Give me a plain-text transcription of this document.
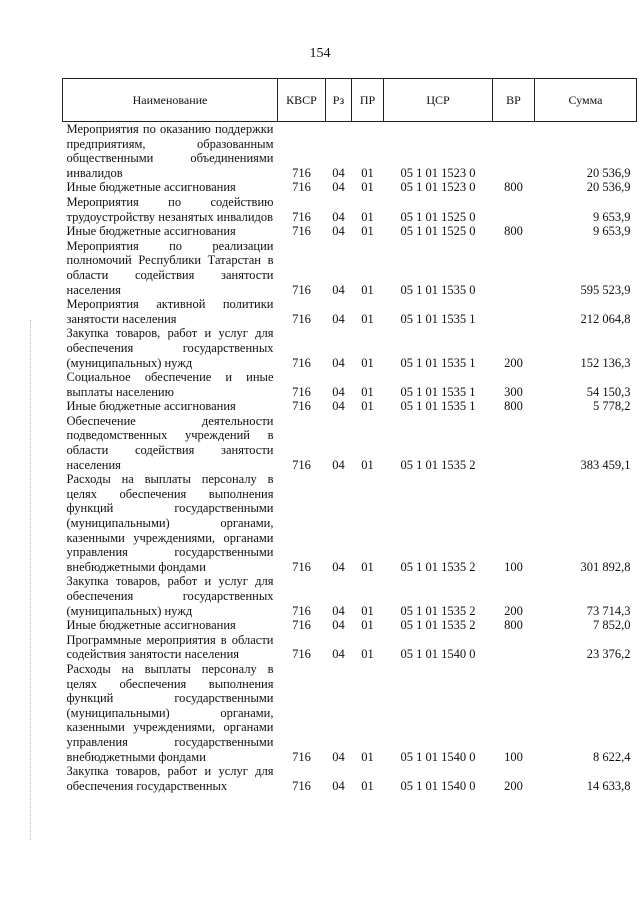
154
Наименование	КВСР	Рз	ПР	ЦСР	ВР	Сумма
Мероприятия по оказанию поддержки предприятиям, образованным общественными объединениями инвалидов	716	04	01	05 1 01 1523 0		20 536,9
Иные бюджетные ассигнования	716	04	01	05 1 01 1523 0	800	20 536,9
Мероприятия по содействию трудоустройству незанятых инвалидов	716	04	01	05 1 01 1525 0		9 653,9
Иные бюджетные ассигнования	716	04	01	05 1 01 1525 0	800	9 653,9
Мероприятия по реализации полномочий Республики Татарстан в области содействия занятости населения	716	04	01	05 1 01 1535 0		595 523,9
Мероприятия активной политики занятости населения	716	04	01	05 1 01 1535 1		212 064,8
Закупка товаров, работ и услуг для обеспечения государственных (муниципальных) нужд	716	04	01	05 1 01 1535 1	200	152 136,3
Социальное обеспечение и иные выплаты населению	716	04	01	05 1 01 1535 1	300	54 150,3
Иные бюджетные ассигнования	716	04	01	05 1 01 1535 1	800	5 778,2
Обеспечение деятельности подведомственных учреждений в области содействия занятости населения	716	04	01	05 1 01 1535 2		383 459,1
Расходы на выплаты персоналу в целях обеспечения выполнения функций государственными (муниципальными) органами, казенными учреждениями, органами управления государственными внебюджетными фондами	716	04	01	05 1 01 1535 2	100	301 892,8
Закупка товаров, работ и услуг для обеспечения государственных (муниципальных) нужд	716	04	01	05 1 01 1535 2	200	73 714,3
Иные бюджетные ассигнования	716	04	01	05 1 01 1535 2	800	7 852,0
Программные мероприятия в области содействия занятости населения	716	04	01	05 1 01 1540 0		23 376,2
Расходы на выплаты персоналу в целях обеспечения выполнения функций государственными (муниципальными) органами, казенными учреждениями, органами управления государственными внебюджетными фондами	716	04	01	05 1 01 1540 0	100	8 622,4
Закупка товаров, работ и услуг для обеспечения государственных	716	04	01	05 1 01 1540 0	200	14 633,8
